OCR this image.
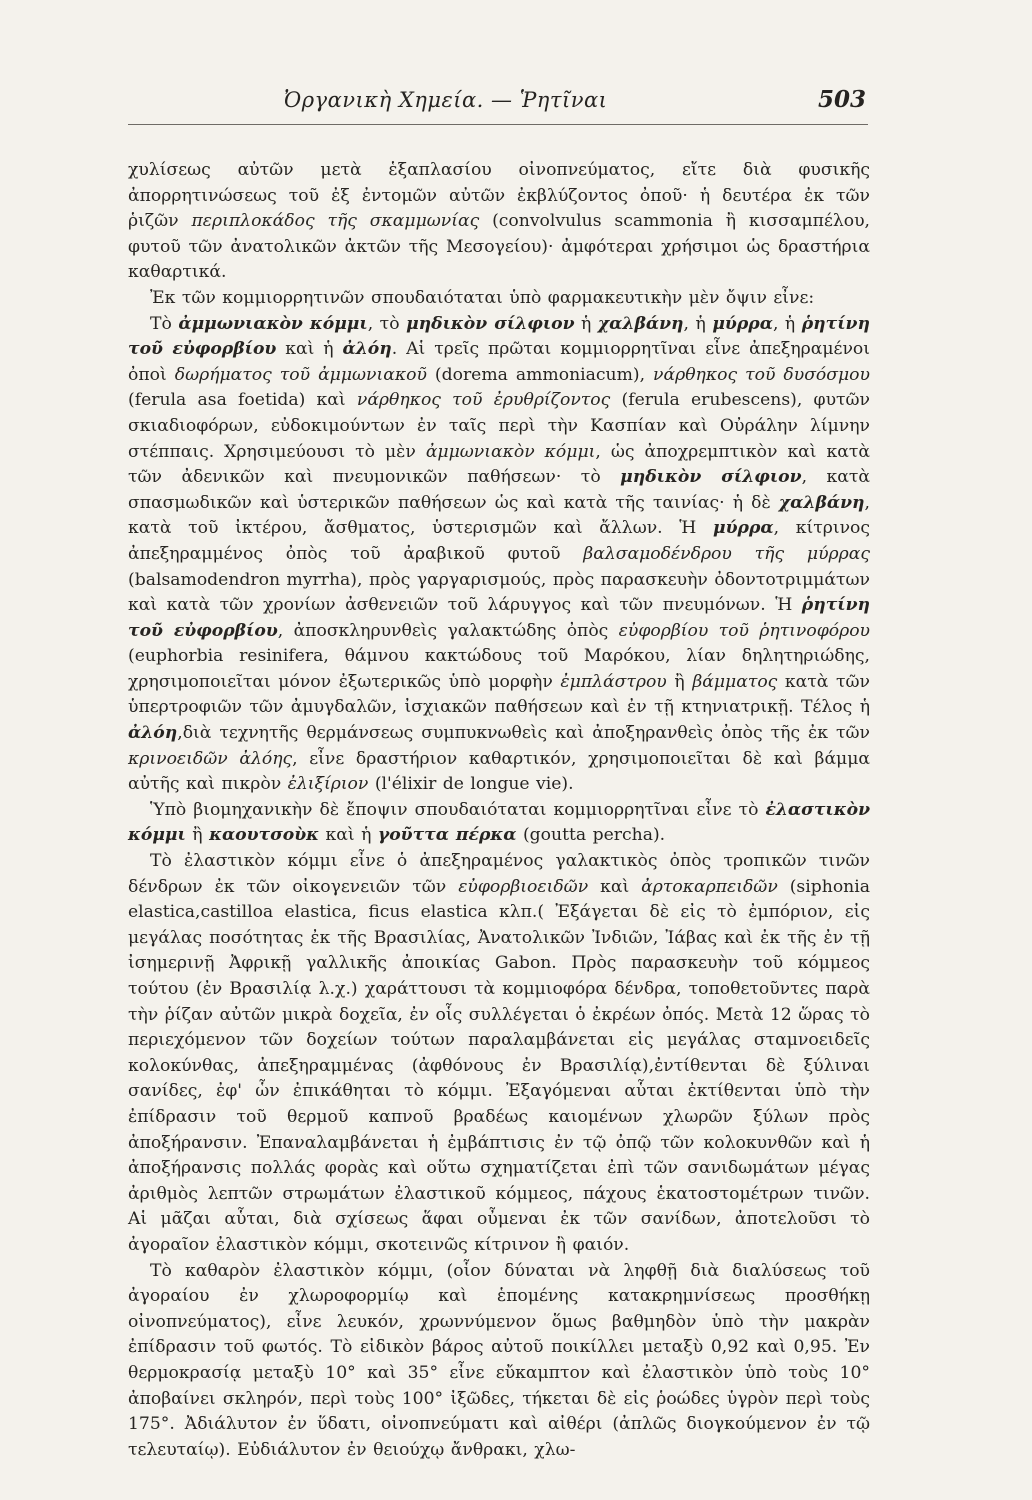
Ὀργανικὴ Χημεία. — Ῥητῖναι	503

χυλίσεως αὐτῶν μετὰ ἑξαπλασίου οἰνοπνεύματος, εἴτε διὰ φυσικῆς ἀπορρητινώσεως τοῦ ἐξ ἐντομῶν αὐτῶν ἐκβλύζοντος ὀποῦ· ἡ δευτέρα ἐκ τῶν ῥιζῶν περιπλοκάδος τῆς σκαμμωνίας (convolvulus scammonia ἢ κισσαμπέλου, φυτοῦ τῶν ἀνατολικῶν ἀκτῶν τῆς Μεσογείου)· ἀμφότεραι χρήσιμοι ὡς δραστήρια καθαρτικά.

Ἐκ τῶν κομμιορρητινῶν σπουδαιόταται ὑπὸ φαρμακευτικὴν μὲν ὄψιν εἶνε:

Τὸ ἀμμωνιακὸν κόμμι, τὸ μηδικὸν σίλφιον ἡ χαλβάνη, ἡ μύρρα, ἡ ῥητίνη τοῦ εὐφορβίου καὶ ἡ ἀλόη. Αἱ τρεῖς πρῶται κομμιορρητῖναι εἶνε ἀπεξηραμένοι ὀποὶ δωρήματος τοῦ ἀμμωνιακοῦ (dorema ammoniacum), νάρθηκος τοῦ δυσόσμου (ferula asa foetida) καὶ νάρθηκος τοῦ ἐρυθρίζοντος (ferula erubescens), φυτῶν σκιαδιοφόρων, εὐδοκιμούντων ἐν ταῖς περὶ τὴν Κασπίαν καὶ Οὐράλην λίμνην στέππαις. Χρησιμεύουσι τὸ μὲν ἀμμωνιακὸν κόμμι, ὡς ἀποχρεμπτικὸν καὶ κατὰ τῶν ἀδενικῶν καὶ πνευμονικῶν παθήσεων· τὸ μηδικὸν σίλφιον, κατὰ σπασμωδικῶν καὶ ὑστερικῶν παθήσεων ὡς καὶ κατὰ τῆς ταινίας· ἡ δὲ χαλβάνη, κατὰ τοῦ ἰκτέρου, ἄσθματος, ὑστερισμῶν καὶ ἄλλων. Ἡ μύρρα, κίτρινος ἀπεξηραμμένος ὀπὸς τοῦ ἀραβικοῦ φυτοῦ βαλσαμοδένδρου τῆς μύρρας (balsamodendron myrrha), πρὸς γαργαρισμούς, πρὸς παρασκευὴν ὀδοντοτριμμάτων καὶ κατὰ τῶν χρονίων ἀσθενειῶν τοῦ λάρυγγος καὶ τῶν πνευμόνων. Ἡ ῥητίνη τοῦ εὐφορβίου, ἀποσκληρυνθεὶς γαλακτώδης ὀπὸς εὐφορβίου τοῦ ῥητινοφόρου (euphorbia resinifera, θάμνου κακτώδους τοῦ Μαρόκου, λίαν δηλητηριώδης, χρησιμοποιεῖται μόνον ἐξωτερικῶς ὑπὸ μορφὴν ἐμπλάστρου ἢ βάμματος κατὰ τῶν ὑπερτροφιῶν τῶν ἀμυγδαλῶν, ἰσχιακῶν παθήσεων καὶ ἐν τῇ κτηνιατρικῇ. Τέλος ἡ ἀλόη,διὰ τεχνητῆς θερμάνσεως συμπυκνωθεὶς καὶ ἀποξηρανθεὶς ὀπὸς τῆς ἐκ τῶν κρινοειδῶν ἀλόης, εἶνε δραστήριον καθαρτικόν, χρησιμοποιεῖται δὲ καὶ βάμμα αὐτῆς καὶ πικρὸν ἐλιξίριον (l'élixir de longue vie).

Ὑπὸ βιομηχανικὴν δὲ ἔποψιν σπουδαιόταται κομμιορρητῖναι εἶνε τὸ ἐλαστικὸν κόμμι ἢ καουτσοὺκ καὶ ἡ γοῦττα πέρκα (goutta percha).

Τὸ ἐλαστικὸν κόμμι εἶνε ὁ ἀπεξηραμένος γαλακτικὸς ὀπὸς τροπικῶν τινῶν δένδρων ἐκ τῶν οἰκογενειῶν τῶν εὐφορβιοειδῶν καὶ ἀρτοκαρπειδῶν (siphonia elastica,castilloa elastica, ficus elastica κλπ.( Ἐξάγεται δὲ εἰς τὸ ἐμπόριον, εἰς μεγάλας ποσότητας ἐκ τῆς Βρασιλίας, Ἀνατολικῶν Ἰνδιῶν, Ἰάβας καὶ ἐκ τῆς ἐν τῇ ἰσημερινῇ Ἀφρικῇ γαλλικῆς ἀποικίας Gabon. Πρὸς παρασκευὴν τοῦ κόμμεος τούτου (ἐν Βρασιλίᾳ λ.χ.) χαράττουσι τὰ κομμιοφόρα δένδρα, τοποθετοῦντες παρὰ τὴν ῥίζαν αὐτῶν μικρὰ δοχεῖα, ἐν οἷς συλλέγεται ὁ ἐκρέων ὀπός. Μετὰ 12 ὥρας τὸ περιεχόμενον τῶν δοχείων τούτων παραλαμβάνεται εἰς μεγάλας σταμνοειδεῖς κολοκύνθας, ἀπεξηραμμένας (ἀφθόνους ἐν Βρασιλίᾳ),ἐντίθενται δὲ ξύλιναι σανίδες, ἐφ' ὧν ἐπικάθηται τὸ κόμμι. Ἐξαγόμεναι αὗται ἐκτίθενται ὑπὸ τὴν ἐπίδρασιν τοῦ θερμοῦ καπνοῦ βραδέως καιομένων χλωρῶν ξύλων πρὸς ἀποξήρανσιν. Ἐπαναλαμβάνεται ἡ ἐμβάπτισις ἐν τῷ ὀπῷ τῶν κολοκυνθῶν καὶ ἡ ἀποξήρανσις πολλάς φορὰς καὶ οὕτω σχηματίζεται ἐπὶ τῶν σανιδωμάτων μέγας ἀριθμὸς λεπτῶν στρωμάτων ἐλαστικοῦ κόμμεος, πάχους ἑκατοστομέτρων τινῶν. Αἱ μᾶζαι αὗται, διὰ σχίσεως ἅφαι οὖμεναι ἐκ τῶν σανίδων, ἀποτελοῦσι τὸ ἀγοραῖον ἐλαστικὸν κόμμι, σκοτεινῶς κίτρινον ἢ φαιόν.

Τὸ καθαρὸν ἐλαστικὸν κόμμι, (οἷον δύναται νὰ ληφθῇ διὰ διαλύσεως τοῦ ἀγοραίου ἐν χλωροφορμίῳ καὶ ἑπομένης κατακρημνίσεως προσθήκῃ οἰνοπνεύματος), εἶνε λευκόν, χρωννύμενον ὅμως βαθμηδὸν ὑπὸ τὴν μακρὰν ἐπίδρασιν τοῦ φωτός. Τὸ εἰδικὸν βάρος αὐτοῦ ποικίλλει μεταξὺ 0,92 καὶ 0,95. Ἐν θερμοκρασίᾳ μεταξὺ 10° καὶ 35° εἶνε εὔκαμπτον καὶ ἐλαστικὸν ὑπὸ τοὺς 10° ἀποβαίνει σκληρόν, περὶ τοὺς 100° ἰξῶδες, τήκεται δὲ εἰς ῥοώδες ὑγρὸν περὶ τοὺς 175°. Ἀδιάλυτον ἐν ὕδατι, οἰνοπνεύματι καὶ αἰθέρι (ἀπλῶς διογκούμενον ἐν τῷ τελευταίῳ). Εὐδιάλυτον ἐν θειούχῳ ἄνθρακι, χλω-
